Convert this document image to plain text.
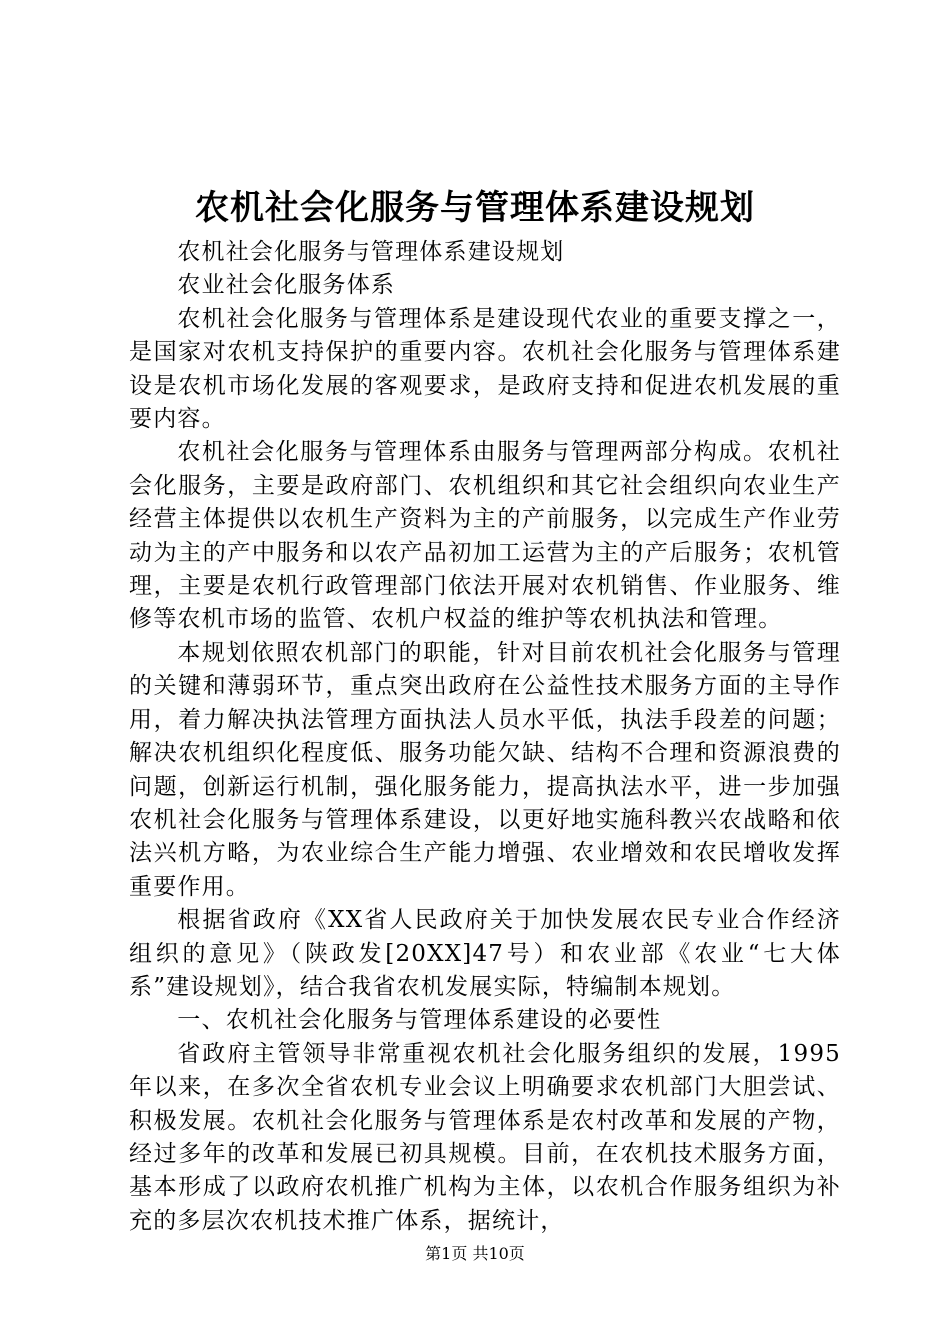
农机社会化服务与管理体系建设规划

农机社会化服务与管理体系建设规划

农业社会化服务体系

农机社会化服务与管理体系是建设现代农业的重要支撑之一，是国家对农机支持保护的重要内容。农机社会化服务与管理体系建设是农机市场化发展的客观要求，是政府支持和促进农机发展的重要内容。

农机社会化服务与管理体系由服务与管理两部分构成。农机社会化服务，主要是政府部门、农机组织和其它社会组织向农业生产经营主体提供以农机生产资料为主的产前服务，以完成生产作业劳动为主的产中服务和以农产品初加工运营为主的产后服务；农机管理，主要是农机行政管理部门依法开展对农机销售、作业服务、维修等农机市场的监管、农机户权益的维护等农机执法和管理。

本规划依照农机部门的职能，针对目前农机社会化服务与管理的关键和薄弱环节，重点突出政府在公益性技术服务方面的主导作用，着力解决执法管理方面执法人员水平低，执法手段差的问题；解决农机组织化程度低、服务功能欠缺、结构不合理和资源浪费的问题，创新运行机制，强化服务能力，提高执法水平，进一步加强农机社会化服务与管理体系建设，以更好地实施科教兴农战略和依法兴机方略，为农业综合生产能力增强、农业增效和农民增收发挥重要作用。

根据省政府《XX省人民政府关于加快发展农民专业合作经济组织的意见》（陕政发[20XX]47号）和农业部《农业“七大体系”建设规划》，结合我省农机发展实际，特编制本规划。

一、农机社会化服务与管理体系建设的必要性

省政府主管领导非常重视农机社会化服务组织的发展，1995年以来，在多次全省农机专业会议上明确要求农机部门大胆尝试、积极发展。农机社会化服务与管理体系是农村改革和发展的产物，经过多年的改革和发展已初具规模。目前，在农机技术服务方面，基本形成了以政府农机推广机构为主体，以农机合作服务组织为补充的多层次农机技术推广体系，据统计，

第1页 共10页
